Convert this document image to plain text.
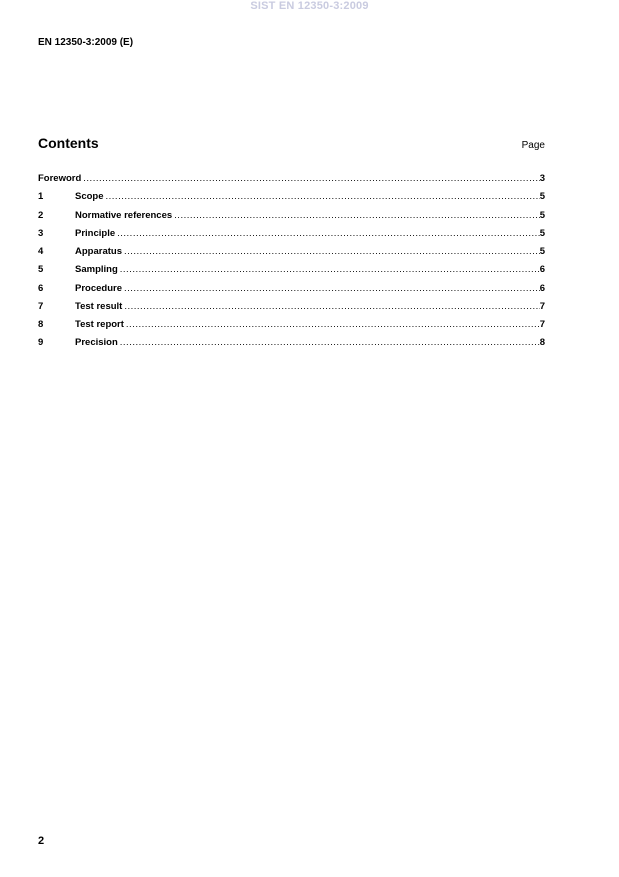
SIST EN 12350-3:2009
EN 12350-3:2009 (E)
Contents	Page
Foreword .....	3
1	Scope .....	5
2	Normative references .....	5
3	Principle .....	5
4	Apparatus .....	5
5	Sampling .....	6
6	Procedure .....	6
7	Test result .....	7
8	Test report .....	7
9	Precision .....	8
2
